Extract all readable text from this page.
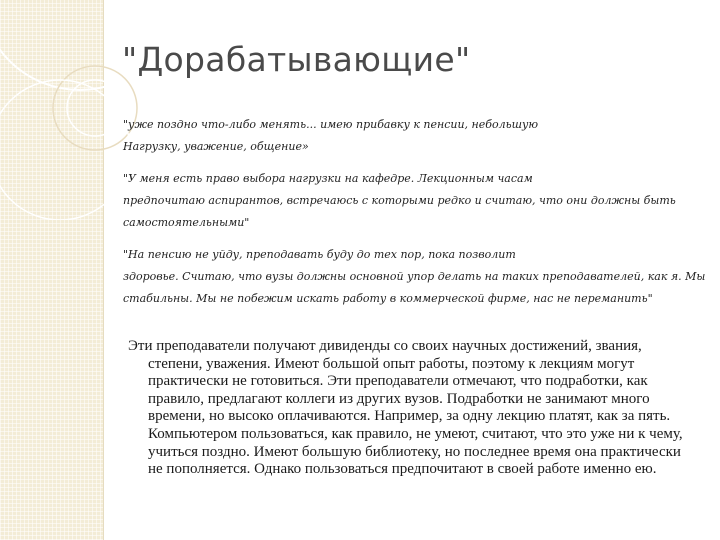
"Дорабатывающие"
"уже поздно что-либо менять... имею прибавку к пенсии, небольшую
Нагрузку, уважение, общение»
"У меня есть право выбора нагрузки на кафедре. Лекционным часам
предпочитаю аспирантов, встречаюсь с которыми редко и считаю, что они должны быть
самостоятельными"
"На пенсию не уйду, преподавать буду до тех пор, пока позволит
здоровье. Считаю, что вузы должны основной упор делать на таких преподавателей, как я. Мы
стабильны. Мы не побежим искать работу в коммерческой фирме, нас не переманить"
Эти преподаватели получают дивиденды со своих научных достижений, звания,
степени, уважения. Имеют большой опыт работы, поэтому к лекциям могут
практически не готовиться. Эти преподаватели отмечают, что подработки, как
правило, предлагают коллеги из других вузов. Подработки не занимают много
времени, но высоко оплачиваются. Например, за одну лекцию платят, как за пять.
Компьютером пользоваться, как правило, не умеют, считают, что это уже ни к чему,
учиться поздно. Имеют большую библиотеку, но последнее время она практически
не пополняется. Однако пользоваться предпочитают в своей работе именно ею.
